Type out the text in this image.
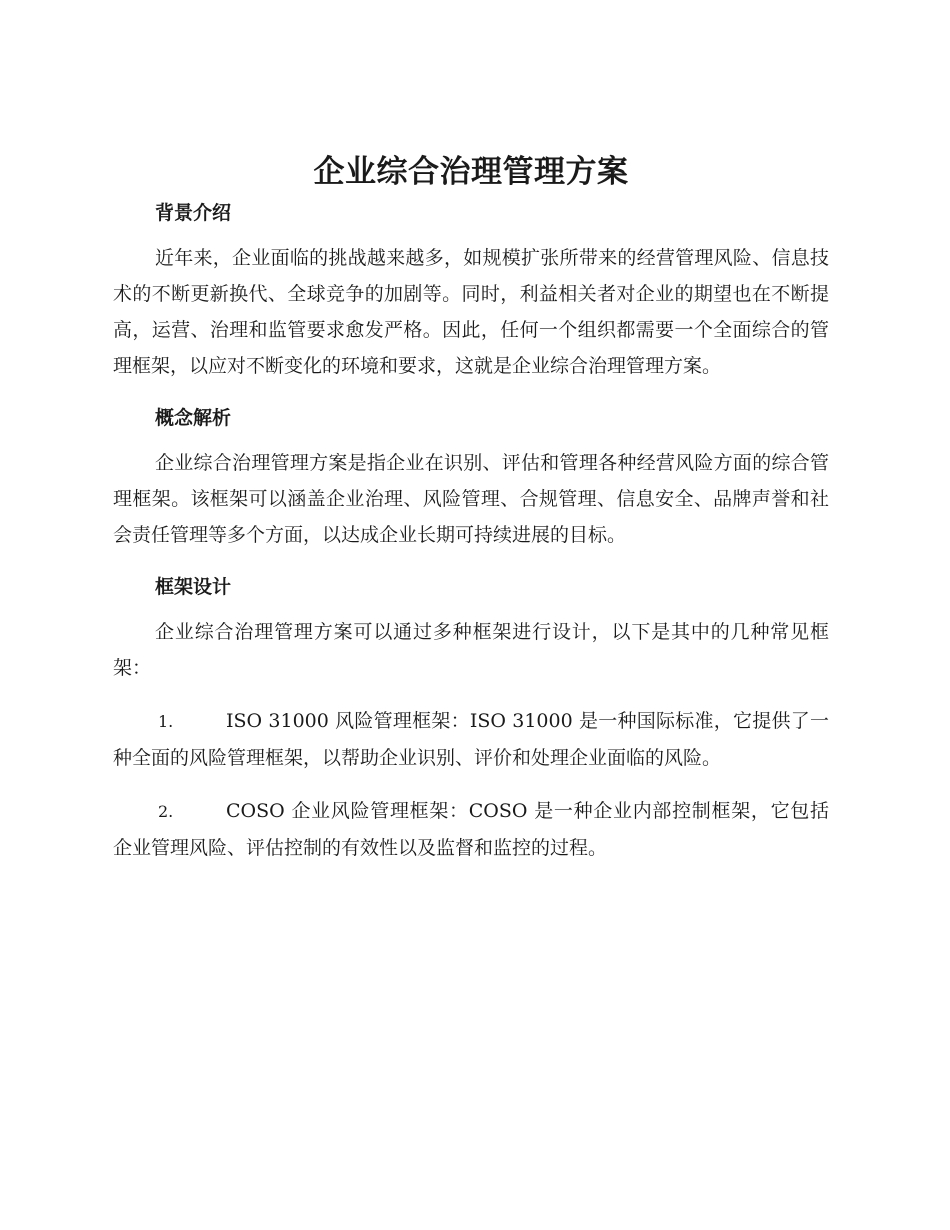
企业综合治理管理方案
背景介绍

近年来，企业面临的挑战越来越多，如规模扩张所带来的经营管理风险、信息技术的不断更新换代、全球竞争的加剧等。同时，利益相关者对企业的期望也在不断提高，运营、治理和监管要求愈发严格。因此，任何一个组织都需要一个全面综合的管理框架，以应对不断变化的环境和要求，这就是企业综合治理管理方案。

概念解析

企业综合治理管理方案是指企业在识别、评估和管理各种经营风险方面的综合管理框架。该框架可以涵盖企业治理、风险管理、合规管理、信息安全、品牌声誉和社会责任管理等多个方面，以达成企业长期可持续进展的目标。

框架设计

企业综合治理管理方案可以通过多种框架进行设计，以下是其中的几种常见框架：

1.	ISO 31000 风险管理框架：ISO 31000 是一种国际标准，它提供了一种全面的风险管理框架，以帮助企业识别、评价和处理企业面临的风险。
2.	COSO 企业风险管理框架：COSO 是一种企业内部控制框架，它包括企业管理风险、评估控制的有效性以及监督和监控的过程。
